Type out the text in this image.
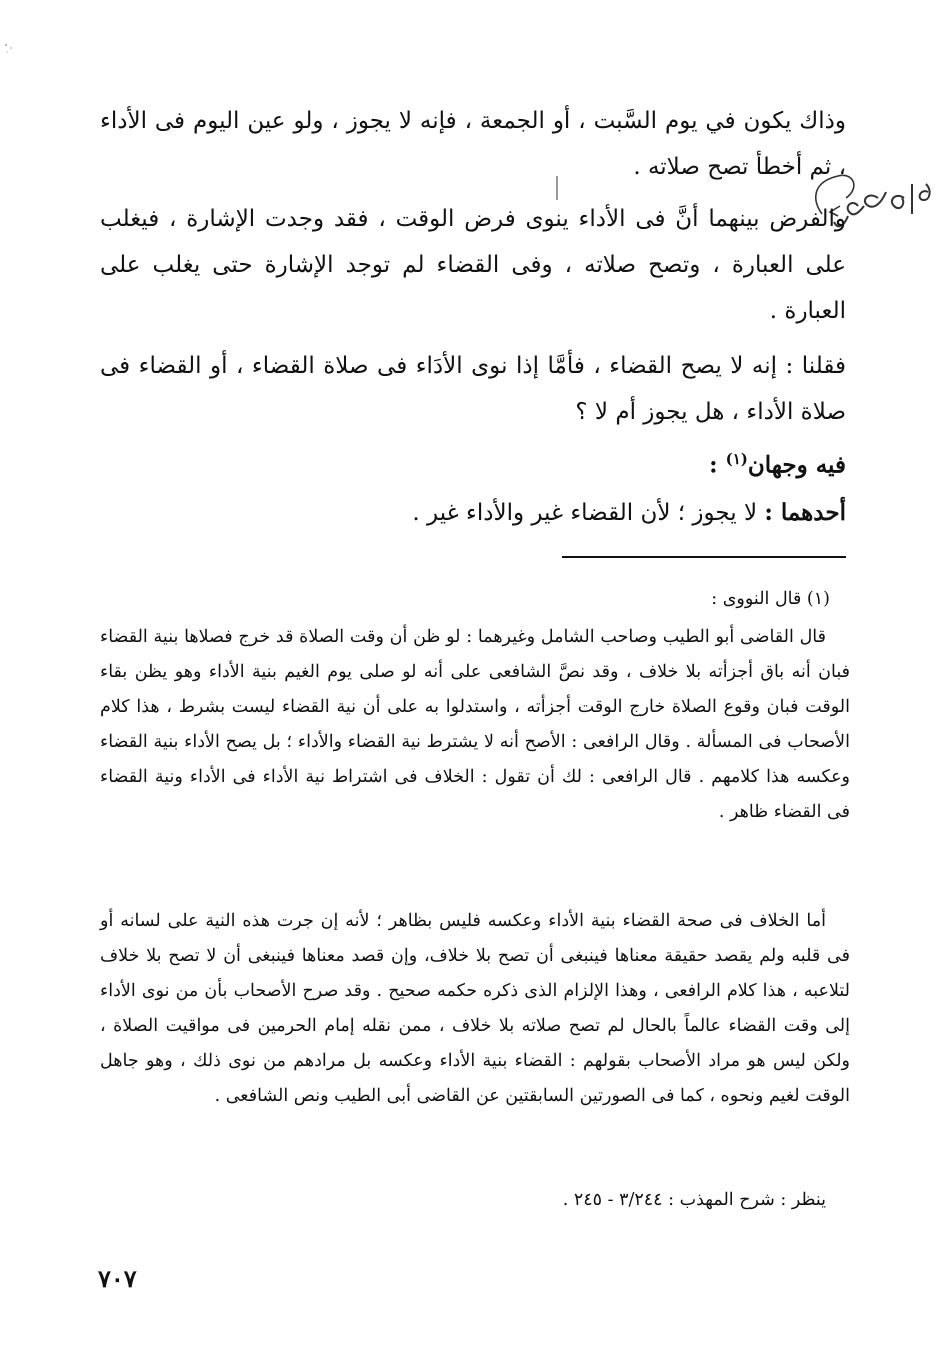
وذاك يكون في يوم السَّبت ، أو الجمعة ، فإنه لا يجوز ، ولو عين اليوم فى الأداء ، ثم أخطأ تصح صلاته .

والفرض بينهما أنَّ فى الأداء ينوى فرض الوقت ، فقد وجدت الإشارة ، فيغلب على العبارة ، وتصح صلاته ، وفى القضاء لم توجد الإشارة حتى يغلب على العبارة .

فقلنا : إنه لا يصح القضاء ، فأمَّا إذا نوى الأدَاء فى صلاة القضاء ، أو القضاء فى صلاة الأداء ، هل يجوز أم لا ؟

فيه وجهان$^{(١)}$ :

أحدهما : لا يجوز ؛ لأن القضاء غير والأداء غير .

(١) قال النووى :

قال القاضى أبو الطيب وصاحب الشامل وغيرهما : لو ظن أن وقت الصلاة قد خرج فصلاها بنية القضاء فبان أنه باق أجزأته بلا خلاف ، وقد نصَّ الشافعى على أنه لو صلى يوم الغيم بنية الأداء وهو يظن بقاء الوقت فبان وقوع الصلاة خارج الوقت أجزأته ، واستدلوا به على أن نية القضاء ليست بشرط ، هذا كلام الأصحاب فى المسألة . وقال الرافعى : الأصح أنه لا يشترط نية القضاء والأداء ؛ بل يصح الأداء بنية القضاء وعكسه هذا كلامهم . قال الرافعى : لك أن تقول : الخلاف فى اشتراط نية الأداء فى الأداء ونية القضاء فى القضاء ظاهر .

أما الخلاف فى صحة القضاء بنية الأداء وعكسه فليس بظاهر ؛ لأنه إن جرت هذه النية على لسانه أو فى قلبه ولم يقصد حقيقة معناها فينبغى أن تصح بلا خلاف، وإن قصد معناها فينبغى أن لا تصح بلا خلاف لتلاعبه ، هذا كلام الرافعى ، وهذا الإلزام الذى ذكره حكمه صحيح . وقد صرح الأصحاب بأن من نوى الأداء إلى وقت القضاء عالماً بالحال لم تصح صلاته بلا خلاف ، ممن نقله إمام الحرمين فى مواقيت الصلاة ، ولكن ليس هو مراد الأصحاب بقولهم : القضاء بنية الأداء وعكسه بل مرادهم من نوى ذلك ، وهو جاهل الوقت لغيم ونحوه ، كما فى الصورتين السابقتين عن القاضى أبى الطيب ونص الشافعى .

ينظر : شرح المهذب : ٣/٢٤٤ - ٢٤٥ .

٧٠٧
